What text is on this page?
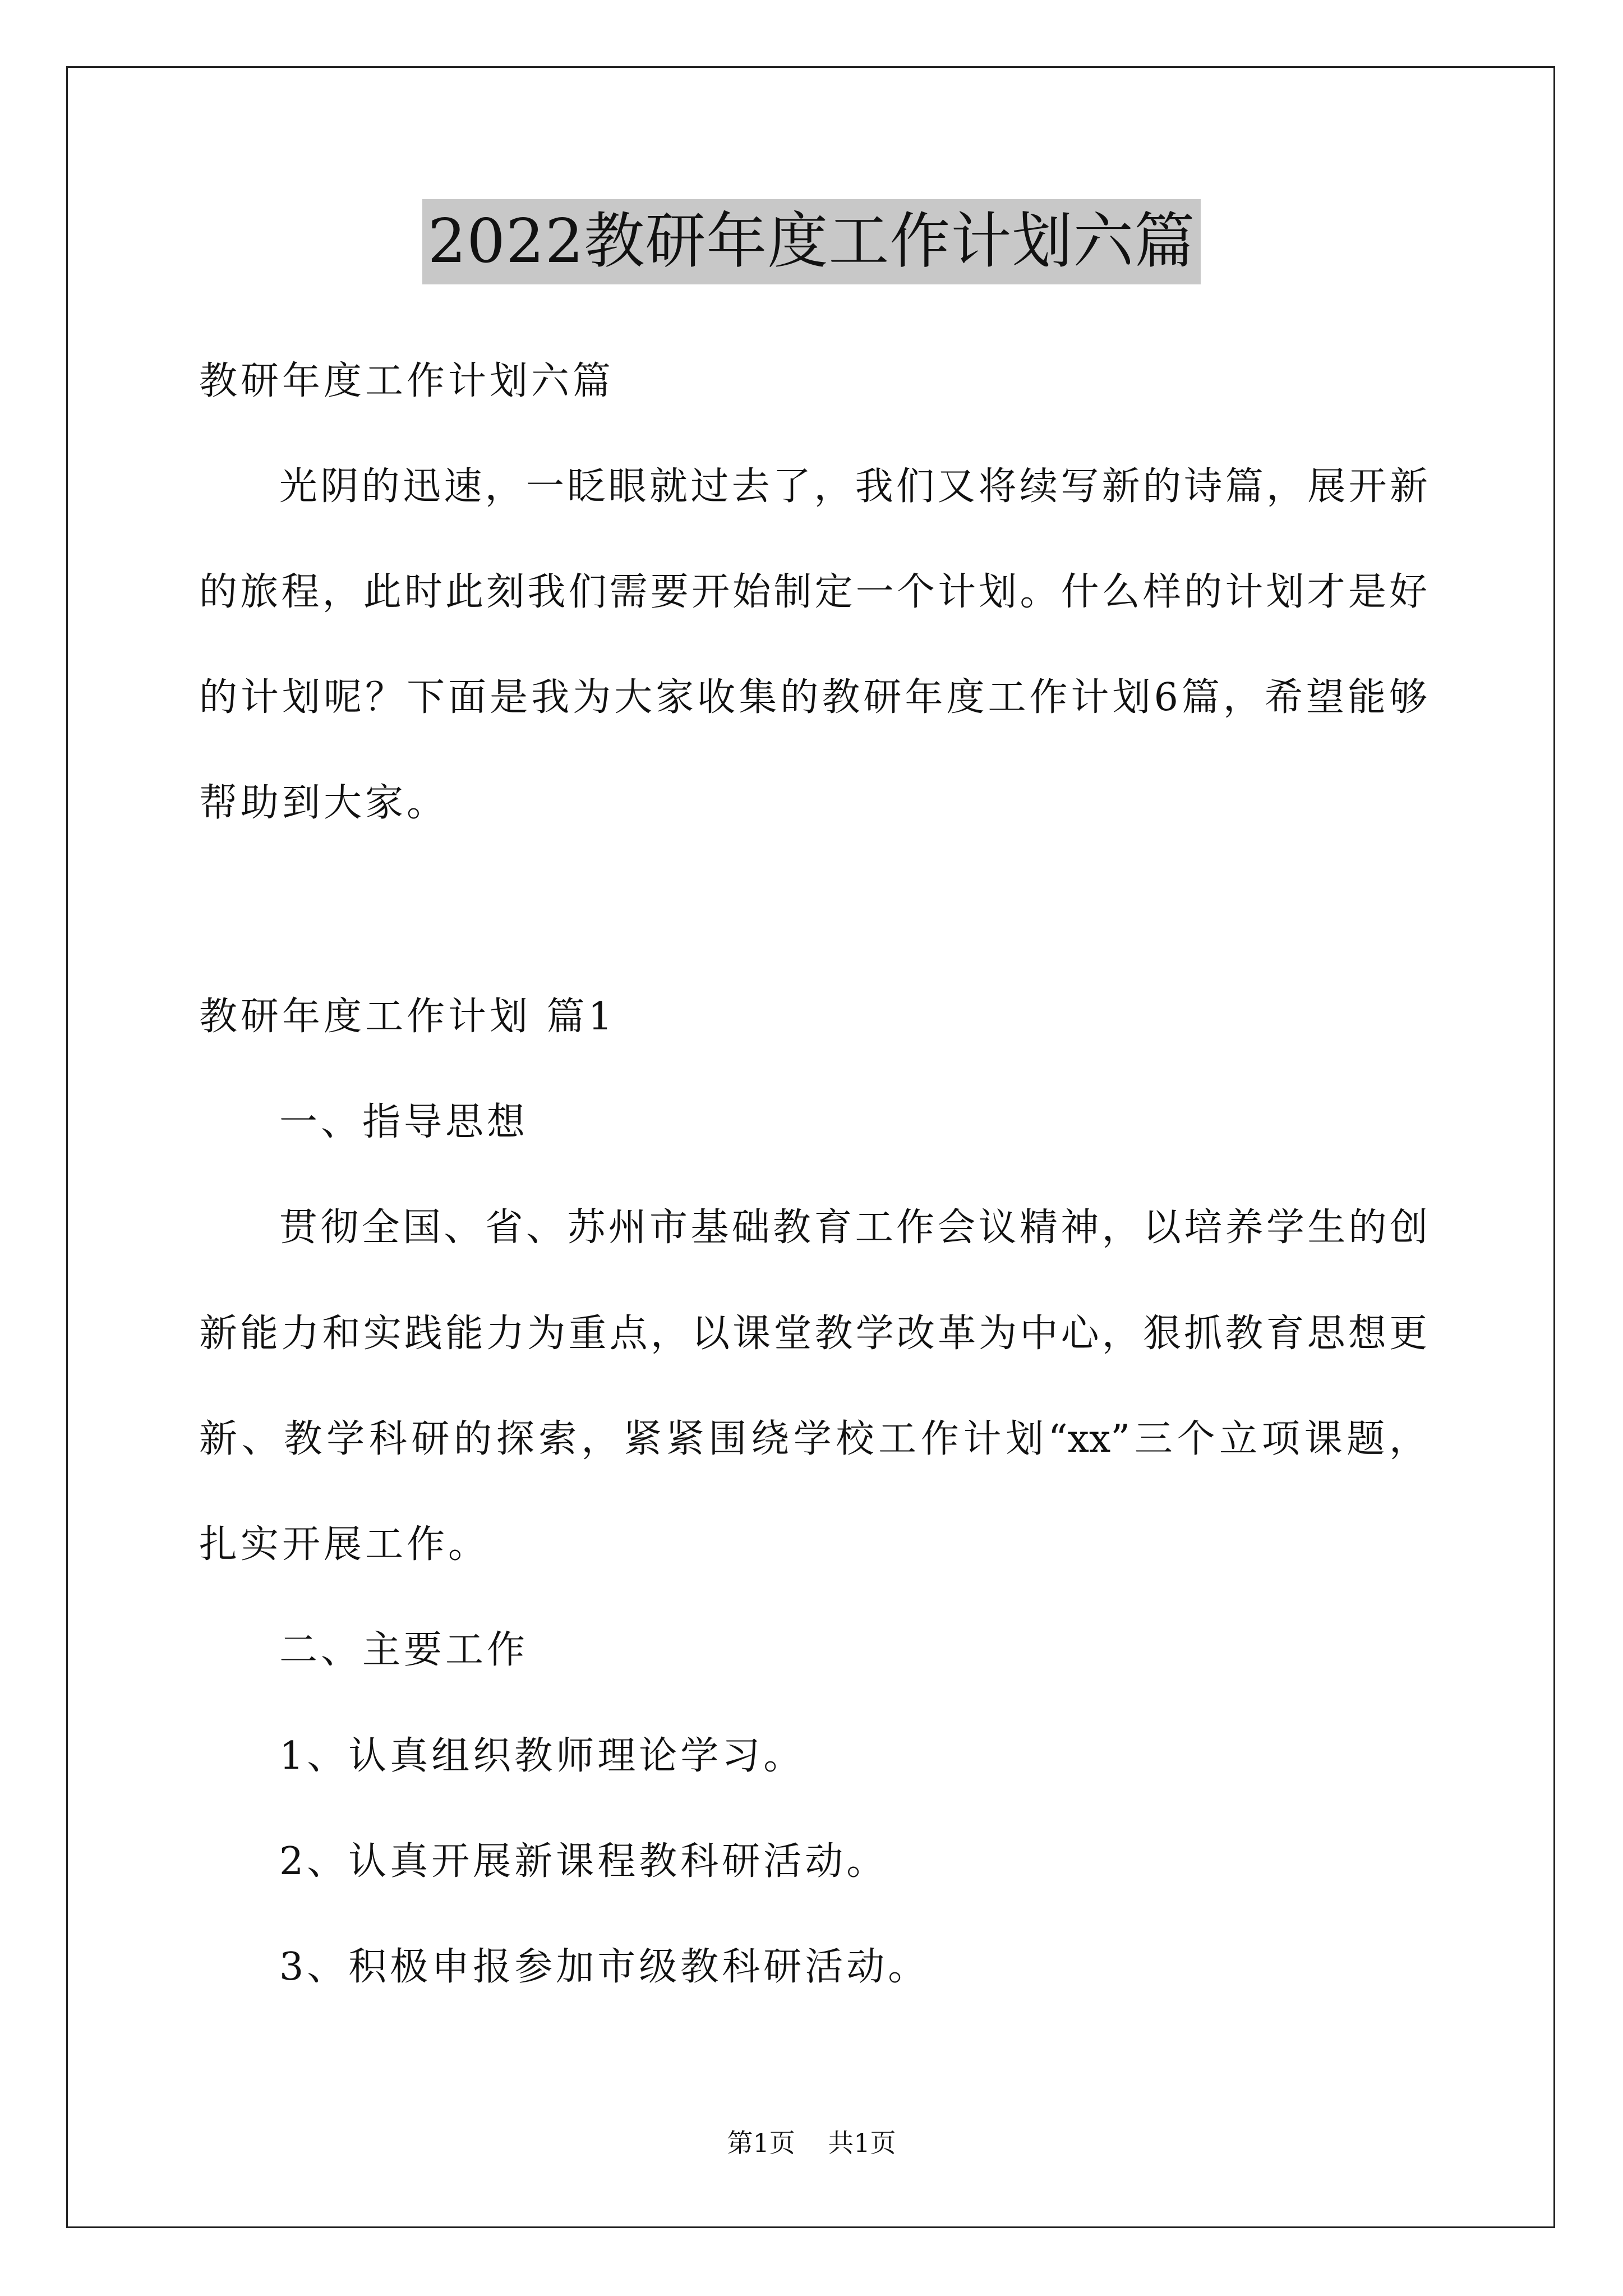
2022教研年度工作计划六篇
教研年度工作计划六篇
光阴的迅速，一眨眼就过去了，我们又将续写新的诗篇，展开新
的旅程，此时此刻我们需要开始制定一个计划。什么样的计划才是好
的计划呢？下面是我为大家收集的教研年度工作计划6篇，希望能够
帮助到大家。
教研年度工作计划 篇1
一、指导思想
贯彻全国、省、苏州市基础教育工作会议精神，以培养学生的创
新能力和实践能力为重点，以课堂教学改革为中心，狠抓教育思想更
新、教学科研的探索，紧紧围绕学校工作计划“xx”三个立项课题，
扎实开展工作。
二、主要工作
1、认真组织教师理论学习。
2、认真开展新课程教科研活动。
3、积极申报参加市级教科研活动。
第1页    共1页
